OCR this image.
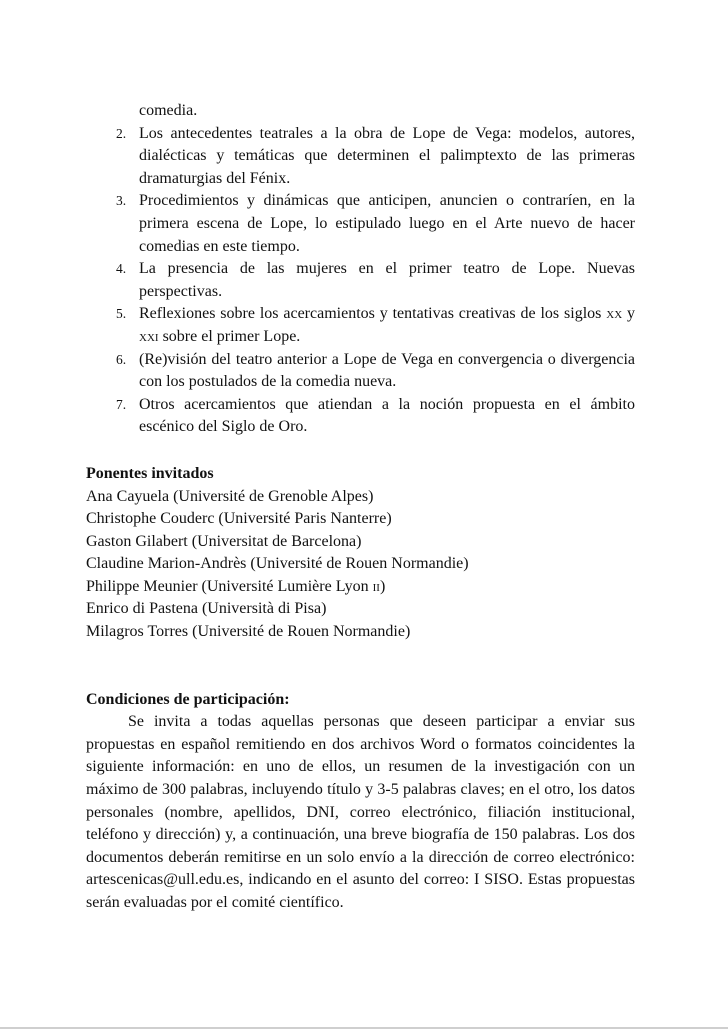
comedia.
2. Los antecedentes teatrales a la obra de Lope de Vega: modelos, autores, dialécticas y temáticas que determinen el palimptexto de las primeras dramaturgias del Fénix.
3. Procedimientos y dinámicas que anticipen, anuncien o contraríen, en la primera escena de Lope, lo estipulado luego en el Arte nuevo de hacer comedias en este tiempo.
4. La presencia de las mujeres en el primer teatro de Lope. Nuevas perspectivas.
5. Reflexiones sobre los acercamientos y tentativas creativas de los siglos xx y xxi sobre el primer Lope.
6. (Re)visión del teatro anterior a Lope de Vega en convergencia o divergencia con los postulados de la comedia nueva.
7. Otros acercamientos que atiendan a la noción propuesta en el ámbito escénico del Siglo de Oro.
Ponentes invitados
Ana Cayuela (Université de Grenoble Alpes)
Christophe Couderc (Université Paris Nanterre)
Gaston Gilabert (Universitat de Barcelona)
Claudine Marion-Andrès (Université de Rouen Normandie)
Philippe Meunier (Université Lumière Lyon ii)
Enrico di Pastena (Università di Pisa)
Milagros Torres (Université de Rouen Normandie)
Condiciones de participación:

Se invita a todas aquellas personas que deseen participar a enviar sus propuestas en español remitiendo en dos archivos Word o formatos coincidentes la siguiente información: en uno de ellos, un resumen de la investigación con un máximo de 300 palabras, incluyendo título y 3-5 palabras claves; en el otro, los datos personales (nombre, apellidos, DNI, correo electrónico, filiación institucional, teléfono y dirección) y, a continuación, una breve biografía de 150 palabras. Los dos documentos deberán remitirse en un solo envío a la dirección de correo electrónico: artescenicas@ull.edu.es, indicando en el asunto del correo: I SISO. Estas propuestas serán evaluadas por el comité científico.
